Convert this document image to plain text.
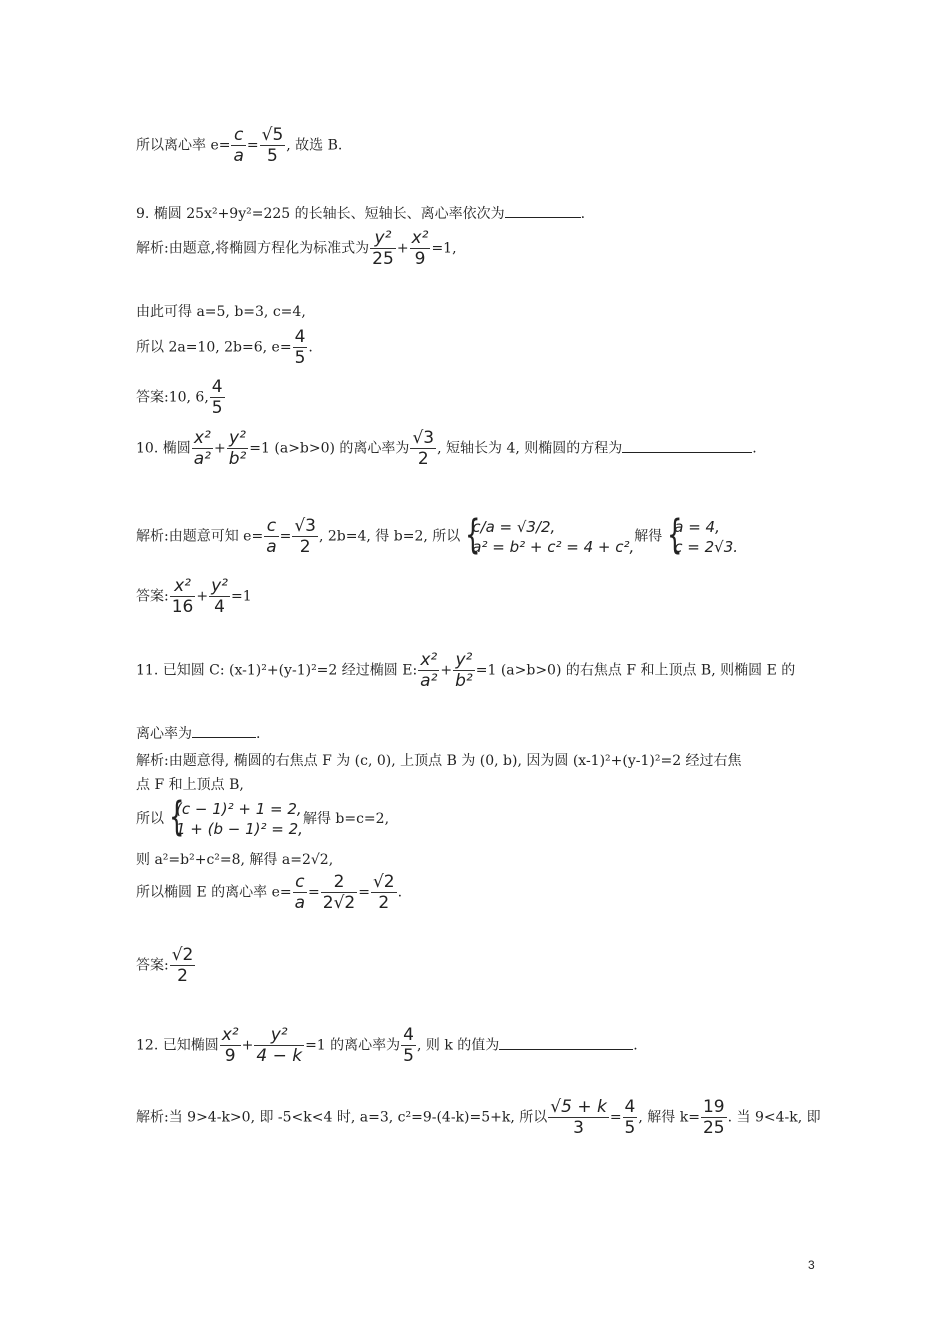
所以离心率 $e= \frac{c}{a} = \frac{√5}{5}$ , 故选 B.
9. 椭圆 25x²+9y²=225 的长轴长、短轴长、离心率依次为	.
解析:由题意,将椭圆方程化为标准式为 $\frac{\text{y²}}{25} + \frac{\text{x²}}{9} =1$,
由此可得 a=5, b=3, c=4,
所以 2a=10, 2b=6, $e= \frac{4}{5}$ .
答案:10, 6, $\frac{4}{5}$
10. 椭圆 $\frac{\text{x²}}{\text{a²}} + \frac{\text{y²}}{\text{b²}} =1$ (a>b>0) 的离心率为 $\frac{√3}{2}$ , 短轴长为 4, 则椭圆的方程为	.
解析:由题意可知 $e= \frac{c}{a} = \frac{√3}{2}$ , 2b=4, 得 b=2, 所以 {
c/a = √3/2,
a² = b² + c² = 4 + c²,
解得 {
a = 4,
c = 2√3.
答案: $\frac{\text{x²}}{16} + \frac{\text{y²}}{4} =1$
11. 已知圆 C: (x-1)²+(y-1)²=2 经过椭圆 E: $\frac{\text{x²}}{\text{a²}} + \frac{\text{y²}}{\text{b²}} =1$ (a>b>0) 的右焦点 F 和上顶点 B, 则椭圆 E 的
离心率为	.
解析:由题意得, 椭圆的右焦点 F 为 (c, 0), 上顶点 B 为 (0, b), 因为圆 (x-1)²+(y-1)²=2 经过右焦
点 F 和上顶点 B,
所以 {
(c − 1)² + 1 = 2,
1 + (b − 1)² = 2,
解得 b=c=2,
则 a²=b²+c²=8, 解得 a=2√2,
所以椭圆 E 的离心率 $e= \frac{c}{a} = \frac{2}{2√2} = \frac{√2}{2}$ .
答案: $\frac{√2}{2}$
12. 已知椭圆 $\frac{\text{x²}}{9} + \frac{\text{y²}}{4 - k} =1$ 的离心率为 $\frac{4}{5}$ , 则 k 的值为	.
解析:当 9>4-k>0, 即 -5<k<4 时, a=3, c²=9-(4-k)=5+k, 所以 $\frac{√5 + k}{3} = \frac{4}{5}$ , 解得 $k= \frac{19}{25}$ . 当 9<4-k, 即
3
